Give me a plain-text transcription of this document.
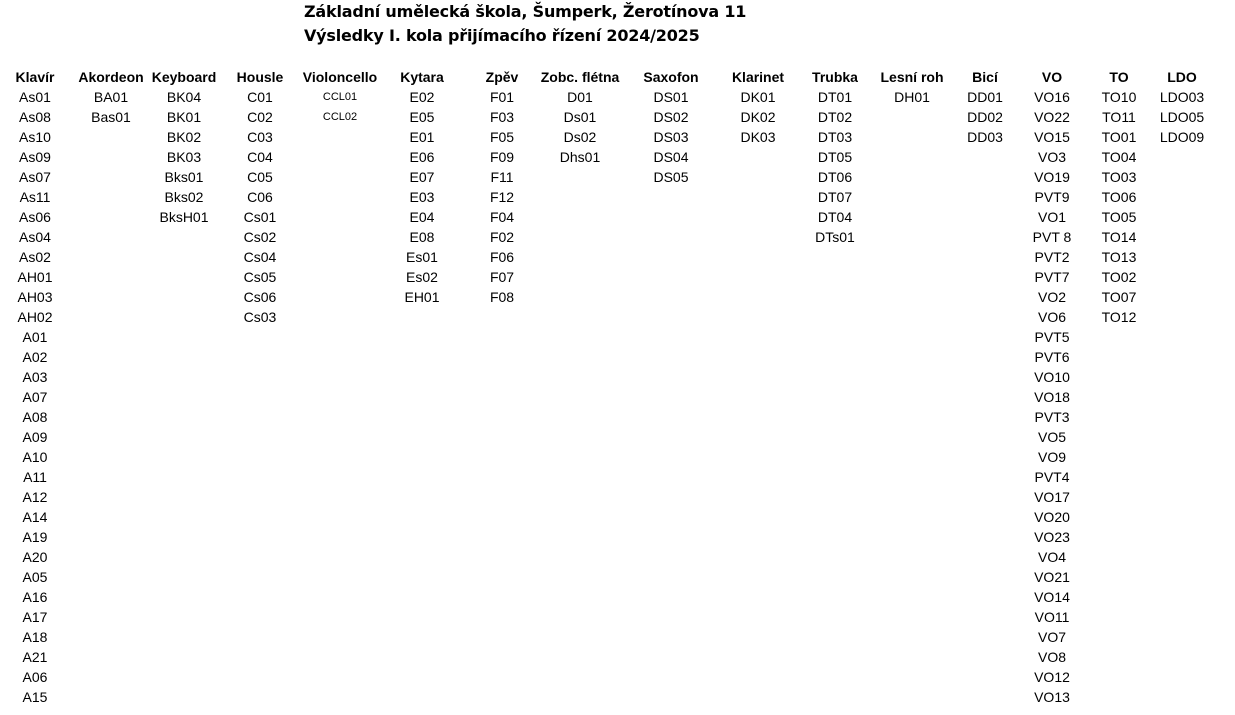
Základní umělecká škola, Šumperk, Žerotínova 11
Výsledky I. kola přijímacího řízení 2024/2025
Klavír
As01
As08
As10
As09
As07
As11
As06
As04
As02
AH01
AH03
AH02
A01
A02
A03
A07
A08
A09
A10
A11
A12
A14
A19
A20
A05
A16
A17
A18
A21
A06
A15
Akordeon
BA01
Bas01
Keyboard
BK04
BK01
BK02
BK03
Bks01
Bks02
BksH01
Housle
C01
C02
C03
C04
C05
C06
Cs01
Cs02
Cs04
Cs05
Cs06
Cs03
Violoncello
CCL01
CCL02
Kytara
E02
E05
E01
E06
E07
E03
E04
E08
Es01
Es02
EH01
Zpěv
F01
F03
F05
F09
F11
F12
F04
F02
F06
F07
F08
Zobc. flétna
D01
Ds01
Ds02
Dhs01
Saxofon
DS01
DS02
DS03
DS04
DS05
Klarinet
DK01
DK02
DK03
Trubka
DT01
DT02
DT03
DT05
DT06
DT07
DT04
DTs01
Lesní roh
DH01
Bicí
DD01
DD02
DD03
VO
VO16
VO22
VO15
VO3
VO19
PVT9
VO1
PVT 8
PVT2
PVT7
VO2
VO6
PVT5
PVT6
VO10
VO18
PVT3
VO5
VO9
PVT4
VO17
VO20
VO23
VO4
VO21
VO14
VO11
VO7
VO8
VO12
VO13
TO
TO10
TO11
TO01
TO04
TO03
TO06
TO05
TO14
TO13
TO02
TO07
TO12
LDO
LDO03
LDO05
LDO09
